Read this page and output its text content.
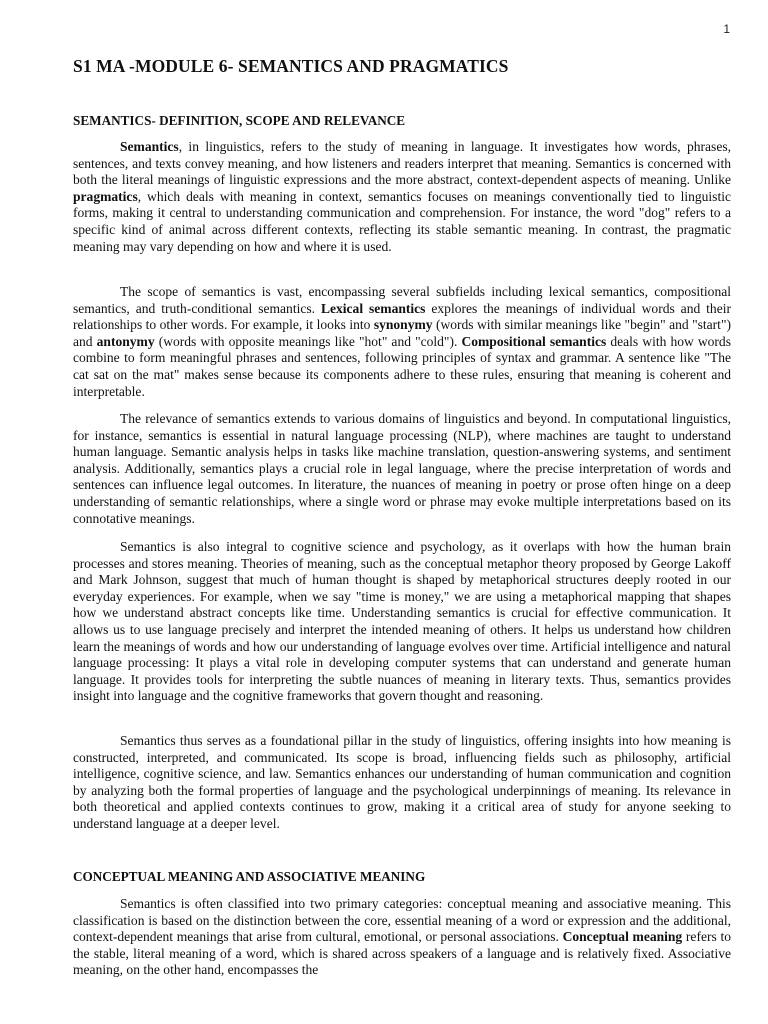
1
S1 MA -MODULE 6- SEMANTICS AND PRAGMATICS
SEMANTICS- DEFINITION, SCOPE AND RELEVANCE

Semantics, in linguistics, refers to the study of meaning in language. It investigates how words, phrases, sentences, and texts convey meaning, and how listeners and readers interpret that meaning. Semantics is concerned with both the literal meanings of linguistic expressions and the more abstract, context-dependent aspects of meaning. Unlike pragmatics, which deals with meaning in context, semantics focuses on meanings conventionally tied to linguistic forms, making it central to understanding communication and comprehension. For instance, the word "dog" refers to a specific kind of animal across different contexts, reflecting its stable semantic meaning. In contrast, the pragmatic meaning may vary depending on how and where it is used.

The scope of semantics is vast, encompassing several subfields including lexical semantics, compositional semantics, and truth-conditional semantics. Lexical semantics explores the meanings of individual words and their relationships to other words. For example, it looks into synonymy (words with similar meanings like "begin" and "start") and antonymy (words with opposite meanings like "hot" and "cold"). Compositional semantics deals with how words combine to form meaningful phrases and sentences, following principles of syntax and grammar. A sentence like "The cat sat on the mat" makes sense because its components adhere to these rules, ensuring that meaning is coherent and interpretable.

The relevance of semantics extends to various domains of linguistics and beyond. In computational linguistics, for instance, semantics is essential in natural language processing (NLP), where machines are taught to understand human language. Semantic analysis helps in tasks like machine translation, question-answering systems, and sentiment analysis. Additionally, semantics plays a crucial role in legal language, where the precise interpretation of words and sentences can influence legal outcomes. In literature, the nuances of meaning in poetry or prose often hinge on a deep understanding of semantic relationships, where a single word or phrase may evoke multiple interpretations based on its connotative meanings.

Semantics is also integral to cognitive science and psychology, as it overlaps with how the human brain processes and stores meaning. Theories of meaning, such as the conceptual metaphor theory proposed by George Lakoff and Mark Johnson, suggest that much of human thought is shaped by metaphorical structures deeply rooted in our everyday experiences. For example, when we say "time is money," we are using a metaphorical mapping that shapes how we understand abstract concepts like time. Understanding semantics is crucial for effective communication. It allows us to use language precisely and interpret the intended meaning of others. It helps us understand how children learn the meanings of words and how our understanding of language evolves over time. Artificial intelligence and natural language processing: It plays a vital role in developing computer systems that can understand and generate human language. It provides tools for interpreting the subtle nuances of meaning in literary texts. Thus, semantics provides insight into language and the cognitive frameworks that govern thought and reasoning.

Semantics thus serves as a foundational pillar in the study of linguistics, offering insights into how meaning is constructed, interpreted, and communicated. Its scope is broad, influencing fields such as philosophy, artificial intelligence, cognitive science, and law. Semantics enhances our understanding of human communication and cognition by analyzing both the formal properties of language and the psychological underpinnings of meaning. Its relevance in both theoretical and applied contexts continues to grow, making it a critical area of study for anyone seeking to understand language at a deeper level.

CONCEPTUAL MEANING AND ASSOCIATIVE MEANING

Semantics is often classified into two primary categories: conceptual meaning and associative meaning. This classification is based on the distinction between the core, essential meaning of a word or expression and the additional, context-dependent meanings that arise from cultural, emotional, or personal associations. Conceptual meaning refers to the stable, literal meaning of a word, which is shared across speakers of a language and is relatively fixed. Associative meaning, on the other hand, encompasses the
